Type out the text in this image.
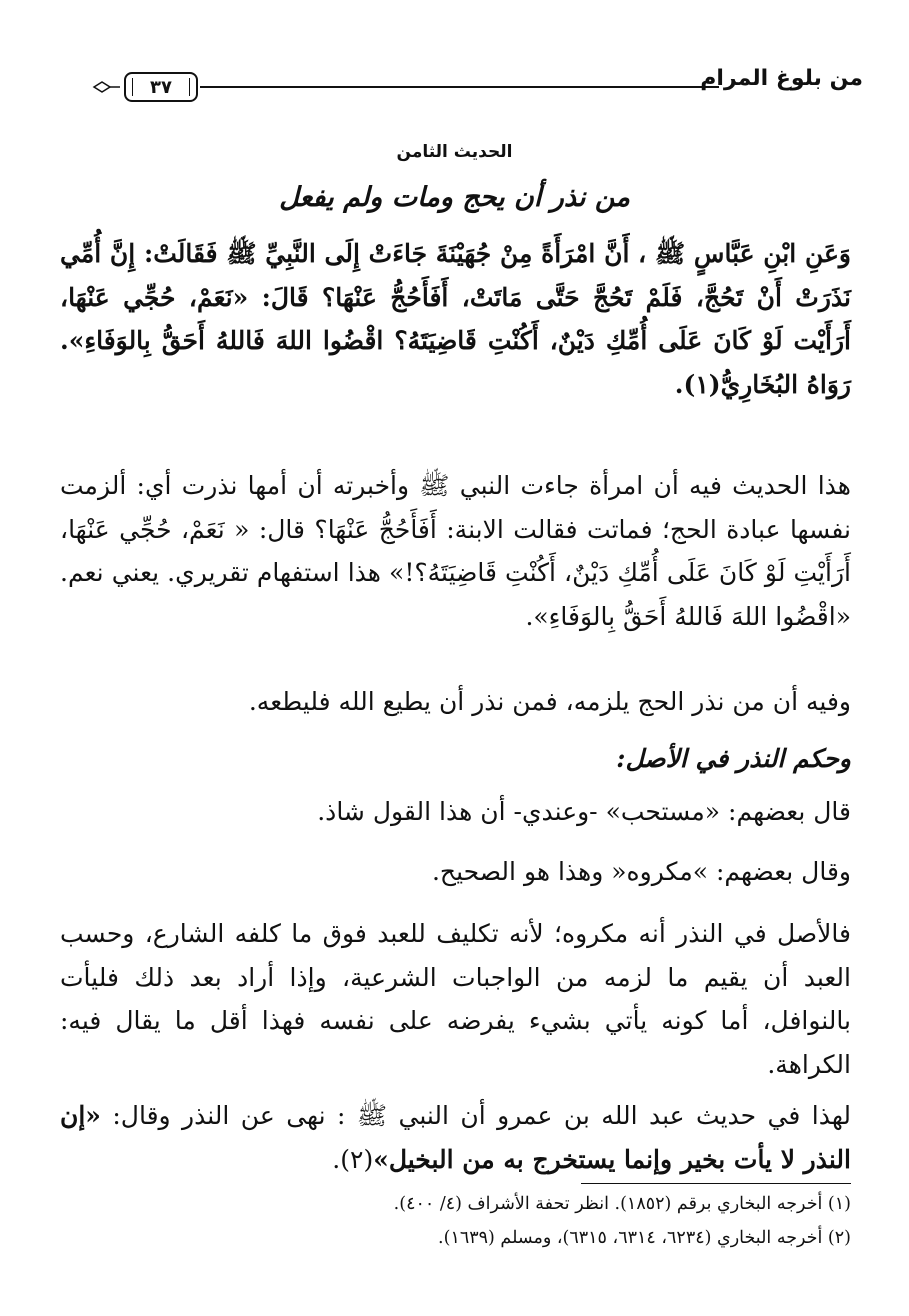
من بلوغ المرام
٣٧
الحديث الثامن
من نذر أن يحج ومات ولم يفعل
وَعَنِ ابْنِ عَبَّاسٍ ﷺ ، أَنَّ امْرَأَةً مِنْ جُهَيْنَةَ جَاءَتْ إِلَى النَّبِيِّ ﷺ فَقَالَتْ: إِنَّ أُمِّي نَذَرَتْ أَنْ تَحُجَّ، فَلَمْ تَحُجَّ حَتَّى مَاتَتْ، أَفَأَحُجُّ عَنْهَا؟ قَالَ: «نَعَمْ، حُجِّي عَنْهَا، أَرَأَيْت لَوْ كَانَ عَلَى أُمِّكِ دَيْنٌ، أَكُنْتِ قَاضِيَتَهُ؟ اقْضُوا اللهَ فَاللهُ أَحَقُّ بِالوَفَاءِ». رَوَاهُ البُخَارِيُّ(١).
هذا الحديث فيه أن امرأة جاءت النبي ﷺ وأخبرته أن أمها نذرت أي: ألزمت نفسها عبادة الحج؛ فماتت فقالت الابنة: أَفَأَحُجُّ عَنْهَا؟ قال: « نَعَمْ، حُجِّي عَنْهَا، أَرَأَيْتِ لَوْ كَانَ عَلَى أُمِّكِ دَيْنٌ، أَكُنْتِ قَاضِيَتَهُ؟!» هذا استفهام تقريري. يعني نعم. «اقْضُوا اللهَ فَاللهُ أَحَقُّ بِالوَفَاءِ».
وفيه أن من نذر الحج يلزمه، فمن نذر أن يطيع الله فليطعه.
وحكم النذر في الأصل:
قال بعضهم: «مستحب» -وعندي- أن هذا القول شاذ.
وقال بعضهم: »مكروه« وهذا هو الصحيح.
فالأصل في النذر أنه مكروه؛ لأنه تكليف للعبد فوق ما كلفه الشارع، وحسب العبد أن يقيم ما لزمه من الواجبات الشرعية، وإذا أراد بعد ذلك فليأت بالنوافل، أما كونه يأتي بشيء يفرضه على نفسه فهذا أقل ما يقال فيه: الكراهة.
لهذا في حديث عبد الله بن عمرو أن النبي ﷺ : نهى عن النذر وقال: «إن النذر لا يأت بخير وإنما يستخرج به من البخيل»(٢).
(١) أخرجه البخاري برقم (١٨٥٢). انظر تحفة الأشراف (٤/ ٤٠٠).
(٢) أخرجه البخاري (٦٢٣٤، ٦٣١٤، ٦٣١٥)، ومسلم (١٦٣٩).
